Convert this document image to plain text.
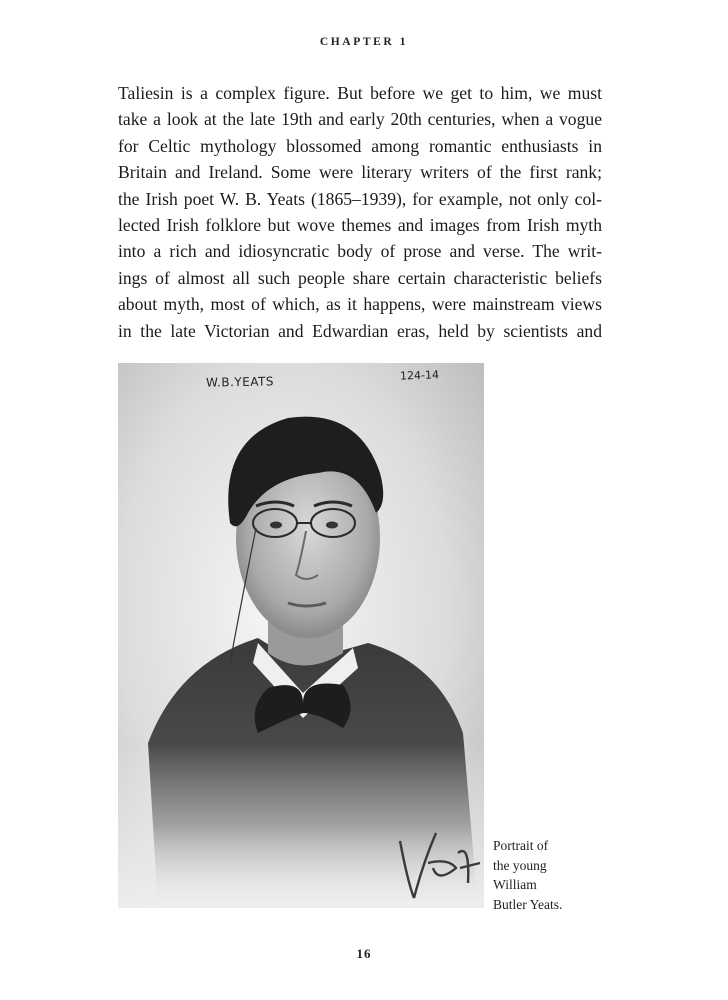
CHAPTER 1
Taliesin is a complex figure. But before we get to him, we must
take a look at the late 19th and early 20th centuries, when a vogue
for Celtic mythology blossomed among romantic enthusiasts in
Britain and Ireland. Some were literary writers of the first rank;
the Irish poet W. B. Yeats (1865–1939), for example, not only col-
lected Irish folklore but wove themes and images from Irish myth
into a rich and idiosyncratic body of prose and verse. The writ-
ings of almost all such people share certain characteristic beliefs
about myth, most of which, as it happens, were mainstream views
in the late Victorian and Edwardian eras, held by scientists and
W.B.YEATS	124-14
Portrait of
the young
William
Butler Yeats.
16
